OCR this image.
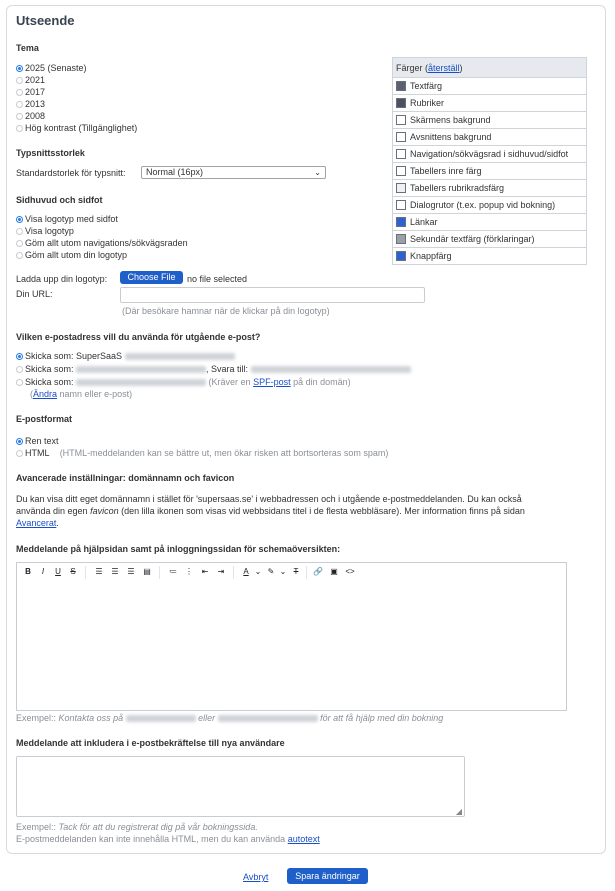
Utseende
Tema
2025 (Senaste)
2021
2017
2013
2008
Hög kontrast (Tillgänglighet)
Typsnittsstorlek
Standardstorlek för typsnitt:	Normal (16px)	⌄
Sidhuvud och sidfot
Visa logotyp med sidfot
Visa logotyp
Göm allt utom navigations/sökvägsraden
Göm allt utom din logotyp
Ladda upp din logotyp:	Choose File	no file selected
Din URL:
(Där besökare hamnar när de klickar på din logotyp)
Färger (återställ)
Textfärg
Rubriker
Skärmens bakgrund
Avsnittens bakgrund
Navigation/sökvägsrad i sidhuvud/sidfot
Tabellers inre färg
Tabellers rubrikradsfärg
Dialogrutor (t.ex. popup vid bokning)
Länkar
Sekundär textfärg (förklaringar)
Knappfärg
Vilken e-postadress vill du använda för utgående e-post?
Skicka som: SuperSaaS
Skicka som:	, Svara till:
Skicka som:	(Kräver en SPF-post på din domän)
(Ändra namn eller e-post)
E-postformat
Ren text
HTML (HTML-meddelanden kan se bättre ut, men ökar risken att bortsorteras som spam)
Avancerade inställningar: domännamn och favicon
Du kan visa ditt eget domännamn i stället för 'supersaas.se' i webbadressen och i utgående e-postmeddelanden. Du kan också
använda din egen favicon (den lilla ikonen som visas vid webbsidans titel i de flesta webbläsare). Mer information finns på sidan
Avancerat.
Meddelande på hjälpsidan samt på inloggningssidan för schemaöversikten:
B	I	U S ☰ ☰ ☰ ▤ ≔ ⋮ ⇤ ⇥ A ⌄ ✎ ⌄ T	🔗 ▣ <>
Exempel:: Kontakta oss på	eller	för att få hjälp med din bokning
Meddelande att inkludera i e-postbekräftelse till nya användare
◢
Exempel:: Tack för att du registrerat dig på vår bokningssida.
E-postmeddelanden kan inte innehålla HTML, men du kan använda autotext
Avbryt	Spara ändringar
